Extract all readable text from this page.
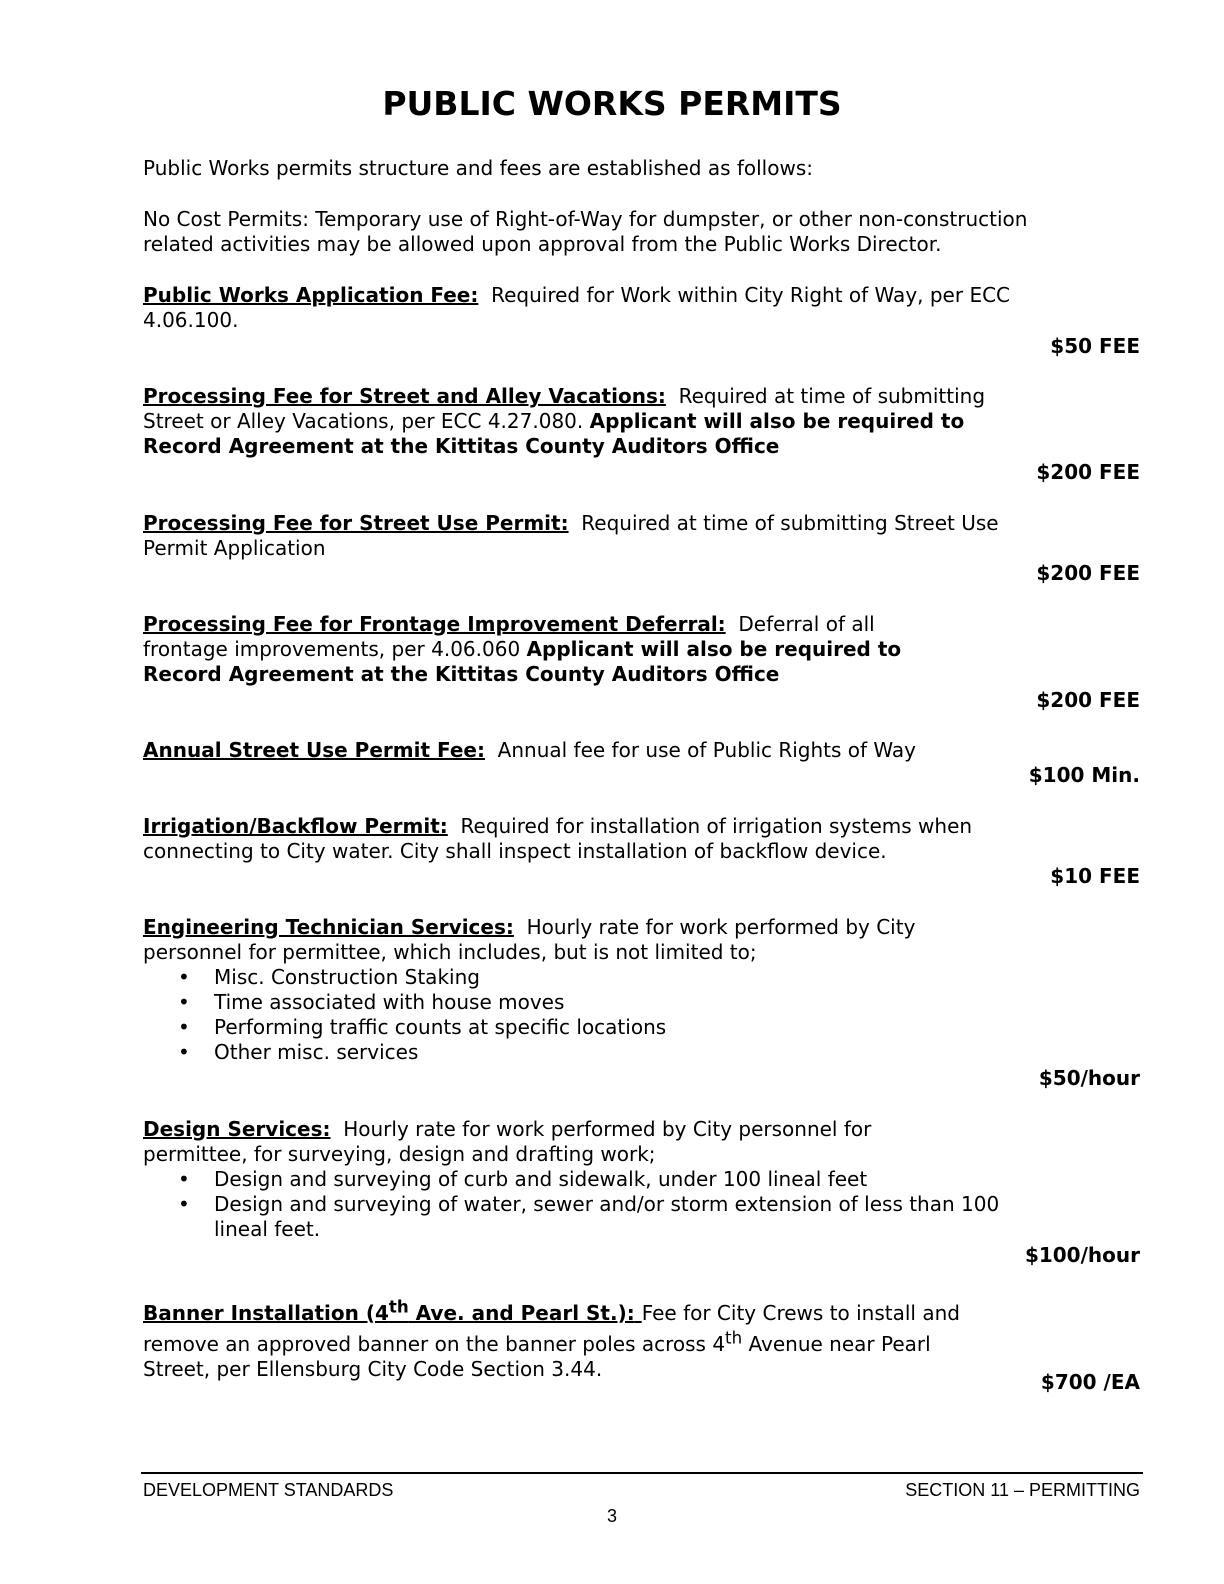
PUBLIC WORKS PERMITS

Public Works permits structure and fees are established as follows:

No Cost Permits: Temporary use of Right-of-Way for dumpster, or other non-construction related activities may be allowed upon approval from the Public Works Director.

Public Works Application Fee: Required for Work within City Right of Way, per ECC 4.06.100.

$50 FEE

Processing Fee for Street and Alley Vacations: Required at time of submitting Street or Alley Vacations, per ECC 4.27.080. Applicant will also be required to Record Agreement at the Kittitas County Auditors Office

$200 FEE

Processing Fee for Street Use Permit: Required at time of submitting Street Use Permit Application

$200 FEE

Processing Fee for Frontage Improvement Deferral: Deferral of all frontage improvements, per 4.06.060 Applicant will also be required to Record Agreement at the Kittitas County Auditors Office

$200 FEE

Annual Street Use Permit Fee: Annual fee for use of Public Rights of Way

$100 Min.

Irrigation/Backflow Permit: Required for installation of irrigation systems when connecting to City water. City shall inspect installation of backflow device.

$10 FEE

Engineering Technician Services: Hourly rate for work performed by City personnel for permittee, which includes, but is not limited to;

• Misc. Construction Staking
• Time associated with house moves
• Performing traffic counts at specific locations
• Other misc. services
$50/hour

Design Services: Hourly rate for work performed by City personnel for permittee, for surveying, design and drafting work;

• Design and surveying of curb and sidewalk, under 100 lineal feet
• Design and surveying of water, sewer and/or storm extension of less than 100 lineal feet.
$100/hour

Banner Installation (4th Ave. and Pearl St.): Fee for City Crews to install and remove an approved banner on the banner poles across 4th Avenue near Pearl Street, per Ellensburg City Code Section 3.44.

$700 /EA
DEVELOPMENT STANDARDS	SECTION 11 – PERMITTING
3
